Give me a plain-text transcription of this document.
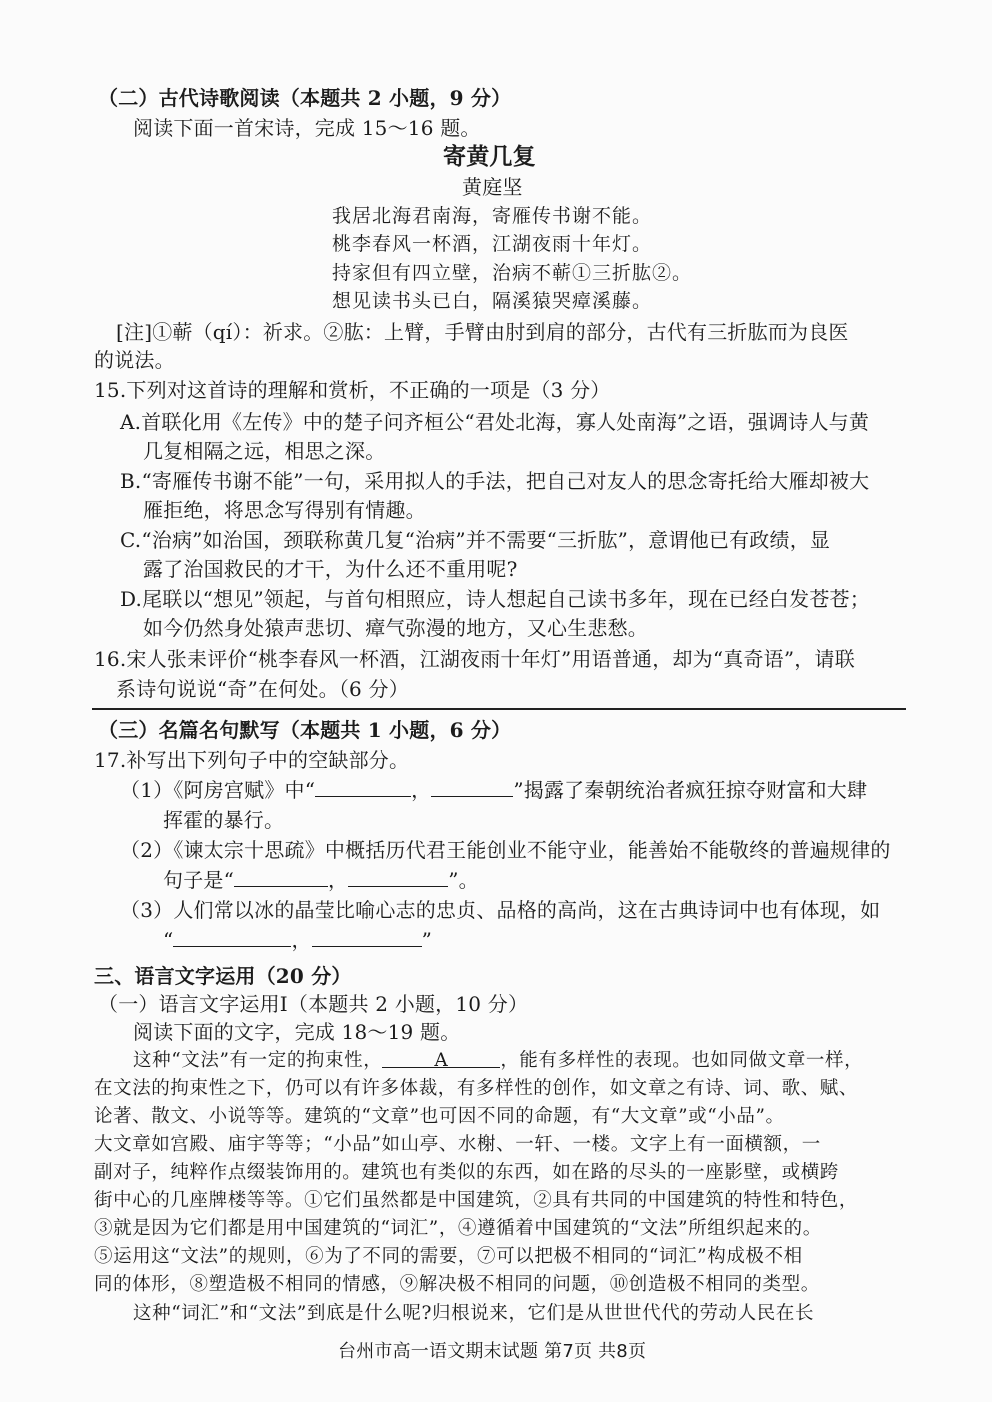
（二）古代诗歌阅读（本题共 2 小题，9 分）
阅读下面一首宋诗，完成 15～16 题。
寄黄几复
黄庭坚
我居北海君南海，寄雁传书谢不能。
桃李春风一杯酒，江湖夜雨十年灯。
持家但有四立壁，治病不蕲①三折肱②。
想见读书头已白，隔溪猿哭瘴溪藤。
[注]①蕲（qí）：祈求。②肱：上臂，手臂由肘到肩的部分，古代有三折肱而为良医
的说法。
15.下列对这首诗的理解和赏析，不正确的一项是（3 分）
A.首联化用《左传》中的楚子问齐桓公“君处北海，寡人处南海”之语，强调诗人与黄
几复相隔之远，相思之深。
B.“寄雁传书谢不能”一句，采用拟人的手法，把自己对友人的思念寄托给大雁却被大
雁拒绝，将思念写得别有情趣。
C.“治病”如治国，颈联称黄几复“治病”并不需要“三折肱”，意谓他已有政绩，显
露了治国救民的才干，为什么还不重用呢?
D.尾联以“想见”领起，与首句相照应，诗人想起自己读书多年，现在已经白发苍苍；
如今仍然身处猿声悲切、瘴气弥漫的地方，又心生悲愁。
16.宋人张耒评价“桃李春风一杯酒，江湖夜雨十年灯”用语普通，却为“真奇语”，请联
系诗句说说“奇”在何处。（6 分）
（三）名篇名句默写（本题共 1 小题，6 分）
17.补写出下列句子中的空缺部分。
（1）《阿房宫赋》中“	，	”揭露了秦朝统治者疯狂掠夺财富和大肆
挥霍的暴行。
（2）《谏太宗十思疏》中概括历代君王能创业不能守业，能善始不能敬终的普遍规律的
句子是“	，	”。
（3）人们常以冰的晶莹比喻心志的忠贞、品格的高尚，这在古典诗词中也有体现，如
“	，	”
三、语言文字运用（20 分）
（一）语言文字运用Ⅰ（本题共 2 小题，10 分）
阅读下面的文字，完成 18～19 题。
这种“文法”有一定的拘束性，	A	，能有多样性的表现。也如同做文章一样，
在文法的拘束性之下，仍可以有许多体裁，有多样性的创作，如文章之有诗、词、歌、赋、
论著、散文、小说等等。建筑的“文章”也可因不同的命题，有“大文章”或“小品”。
大文章如宫殿、庙宇等等；“小品”如山亭、水榭、一轩、一楼。文字上有一面横额，一
副对子，纯粹作点缀装饰用的。建筑也有类似的东西，如在路的尽头的一座影壁，或横跨
街中心的几座牌楼等等。①它们虽然都是中国建筑，②具有共同的中国建筑的特性和特色，
③就是因为它们都是用中国建筑的“词汇”，④遵循着中国建筑的“文法”所组织起来的。
⑤运用这“文法”的规则，⑥为了不同的需要，⑦可以把极不相同的“词汇”构成极不相
同的体形，⑧塑造极不相同的情感，⑨解决极不相同的问题，⑩创造极不相同的类型。
这种“词汇”和“文法”到底是什么呢?归根说来，它们是从世世代代的劳动人民在长
台州市高一语文期末试题 第7页 共8页
